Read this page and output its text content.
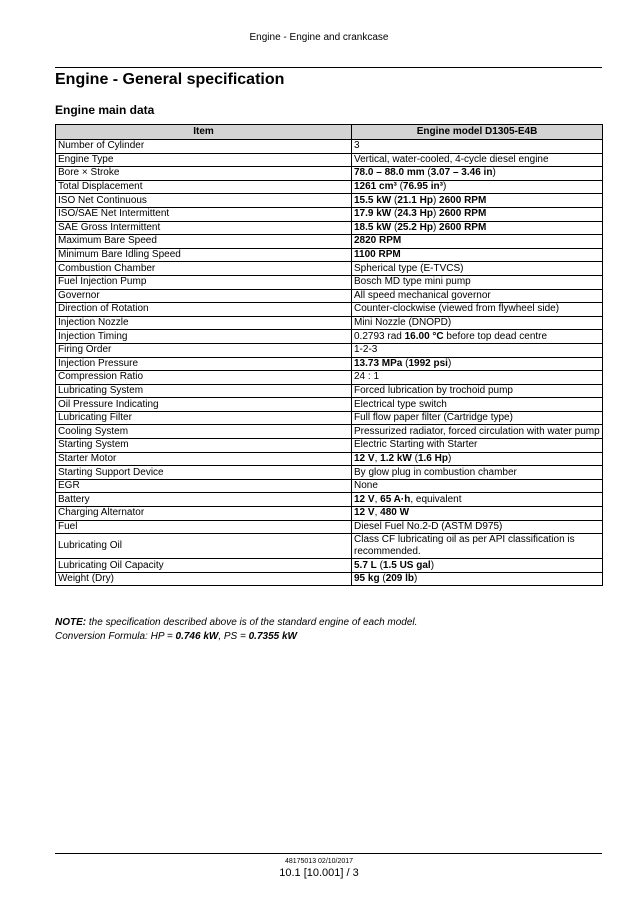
Engine - Engine and crankcase
Engine - General specification
Engine main data
Item	Engine model D1305-E4B
Number of Cylinder	3
Engine Type	Vertical, water-cooled, 4-cycle diesel engine
Bore × Stroke	78.0 – 88.0 mm (3.07 – 3.46 in)
Total Displacement	1261 cm³ (76.95 in³)
ISO Net Continuous	15.5 kW (21.1 Hp) 2600 RPM
ISO/SAE Net Intermittent	17.9 kW (24.3 Hp) 2600 RPM
SAE Gross Intermittent	18.5 kW (25.2 Hp) 2600 RPM
Maximum Bare Speed	2820 RPM
Minimum Bare Idling Speed	1100 RPM
Combustion Chamber	Spherical type (E-TVCS)
Fuel Injection Pump	Bosch MD type mini pump
Governor	All speed mechanical governor
Direction of Rotation	Counter-clockwise (viewed from flywheel side)
Injection Nozzle	Mini Nozzle (DNOPD)
Injection Timing	0.2793 rad 16.00 °C before top dead centre
Firing Order	1-2-3
Injection Pressure	13.73 MPa (1992 psi)
Compression Ratio	24 : 1
Lubricating System	Forced lubrication by trochoid pump
Oil Pressure Indicating	Electrical type switch
Lubricating Filter	Full flow paper filter (Cartridge type)
Cooling System	Pressurized radiator, forced circulation with water pump
Starting System	Electric Starting with Starter
Starter Motor	12 V, 1.2 kW (1.6 Hp)
Starting Support Device	By glow plug in combustion chamber
EGR	None
Battery	12 V, 65 A·h, equivalent
Charging Alternator	12 V, 480 W
Fuel	Diesel Fuel No.2-D (ASTM D975)
Lubricating Oil	Class CF lubricating oil as per API classification is recommended.
Lubricating Oil Capacity	5.7 L (1.5 US gal)
Weight (Dry)	95 kg (209 lb)
NOTE: the specification described above is of the standard engine of each model.
Conversion Formula: HP = 0.746 kW, PS = 0.7355 kW
48175013 02/10/2017
10.1 [10.001] / 3
